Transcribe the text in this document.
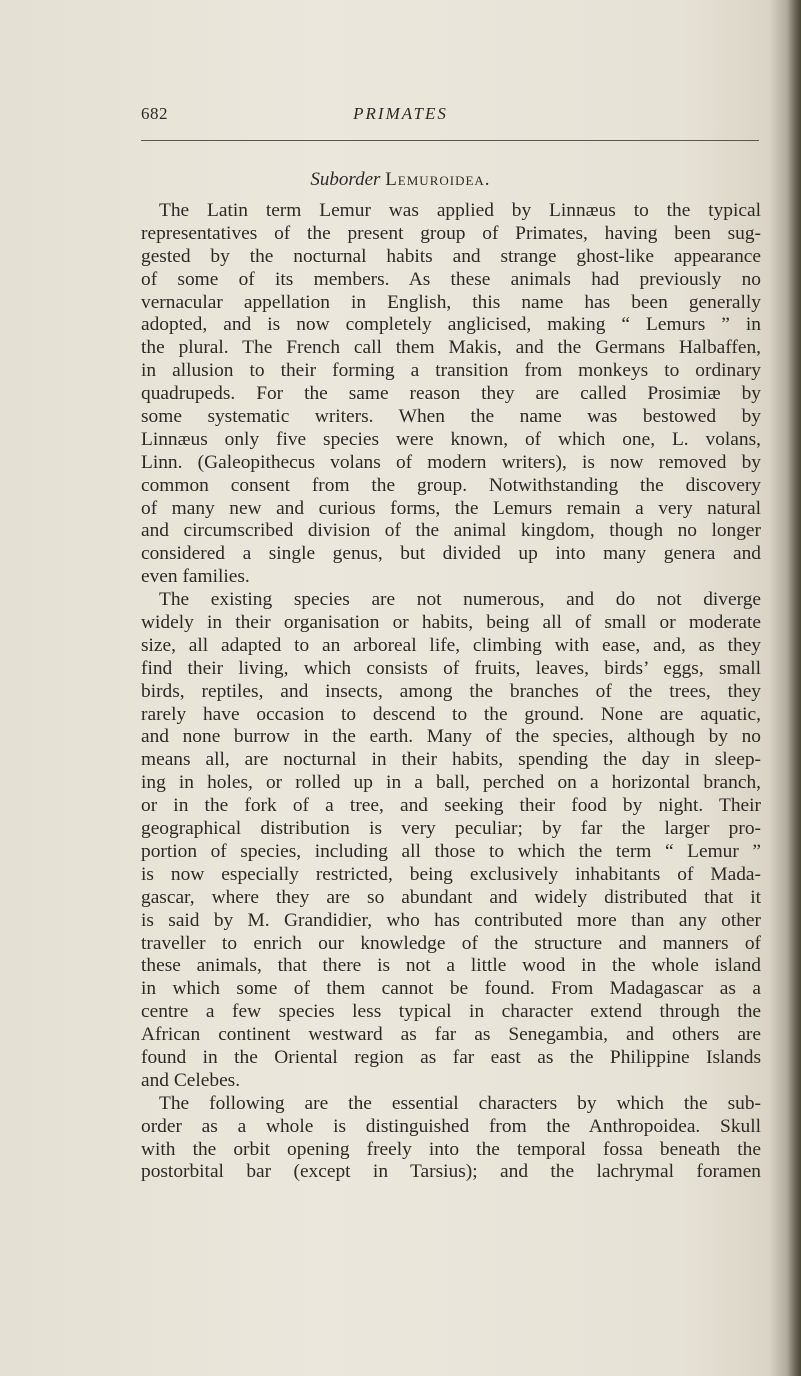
682	PRIMATES
Suborder Lemuroidea.
The Latin term Lemur was applied by Linnæus to the typical
representatives of the present group of Primates, having been sug-
gested by the nocturnal habits and strange ghost-like appearance
of some of its members. As these animals had previously no
vernacular appellation in English, this name has been generally
adopted, and is now completely anglicised, making “ Lemurs ” in
the plural. The French call them Makis, and the Germans Halbaffen,
in allusion to their forming a transition from monkeys to ordinary
quadrupeds. For the same reason they are called Prosimiæ by
some systematic writers. When the name was bestowed by
Linnæus only five species were known, of which one, L. volans,
Linn. (Galeopithecus volans of modern writers), is now removed by
common consent from the group. Notwithstanding the discovery
of many new and curious forms, the Lemurs remain a very natural
and circumscribed division of the animal kingdom, though no longer
considered a single genus, but divided up into many genera and
even families.
The existing species are not numerous, and do not diverge
widely in their organisation or habits, being all of small or moderate
size, all adapted to an arboreal life, climbing with ease, and, as they
find their living, which consists of fruits, leaves, birds’ eggs, small
birds, reptiles, and insects, among the branches of the trees, they
rarely have occasion to descend to the ground. None are aquatic,
and none burrow in the earth. Many of the species, although by no
means all, are nocturnal in their habits, spending the day in sleep-
ing in holes, or rolled up in a ball, perched on a horizontal branch,
or in the fork of a tree, and seeking their food by night. Their
geographical distribution is very peculiar; by far the larger pro-
portion of species, including all those to which the term “ Lemur ”
is now especially restricted, being exclusively inhabitants of Mada-
gascar, where they are so abundant and widely distributed that it
is said by M. Grandidier, who has contributed more than any other
traveller to enrich our knowledge of the structure and manners of
these animals, that there is not a little wood in the whole island
in which some of them cannot be found. From Madagascar as a
centre a few species less typical in character extend through the
African continent westward as far as Senegambia, and others are
found in the Oriental region as far east as the Philippine Islands
and Celebes.
The following are the essential characters by which the sub-
order as a whole is distinguished from the Anthropoidea. Skull
with the orbit opening freely into the temporal fossa beneath the
postorbital bar (except in Tarsius); and the lachrymal foramen
